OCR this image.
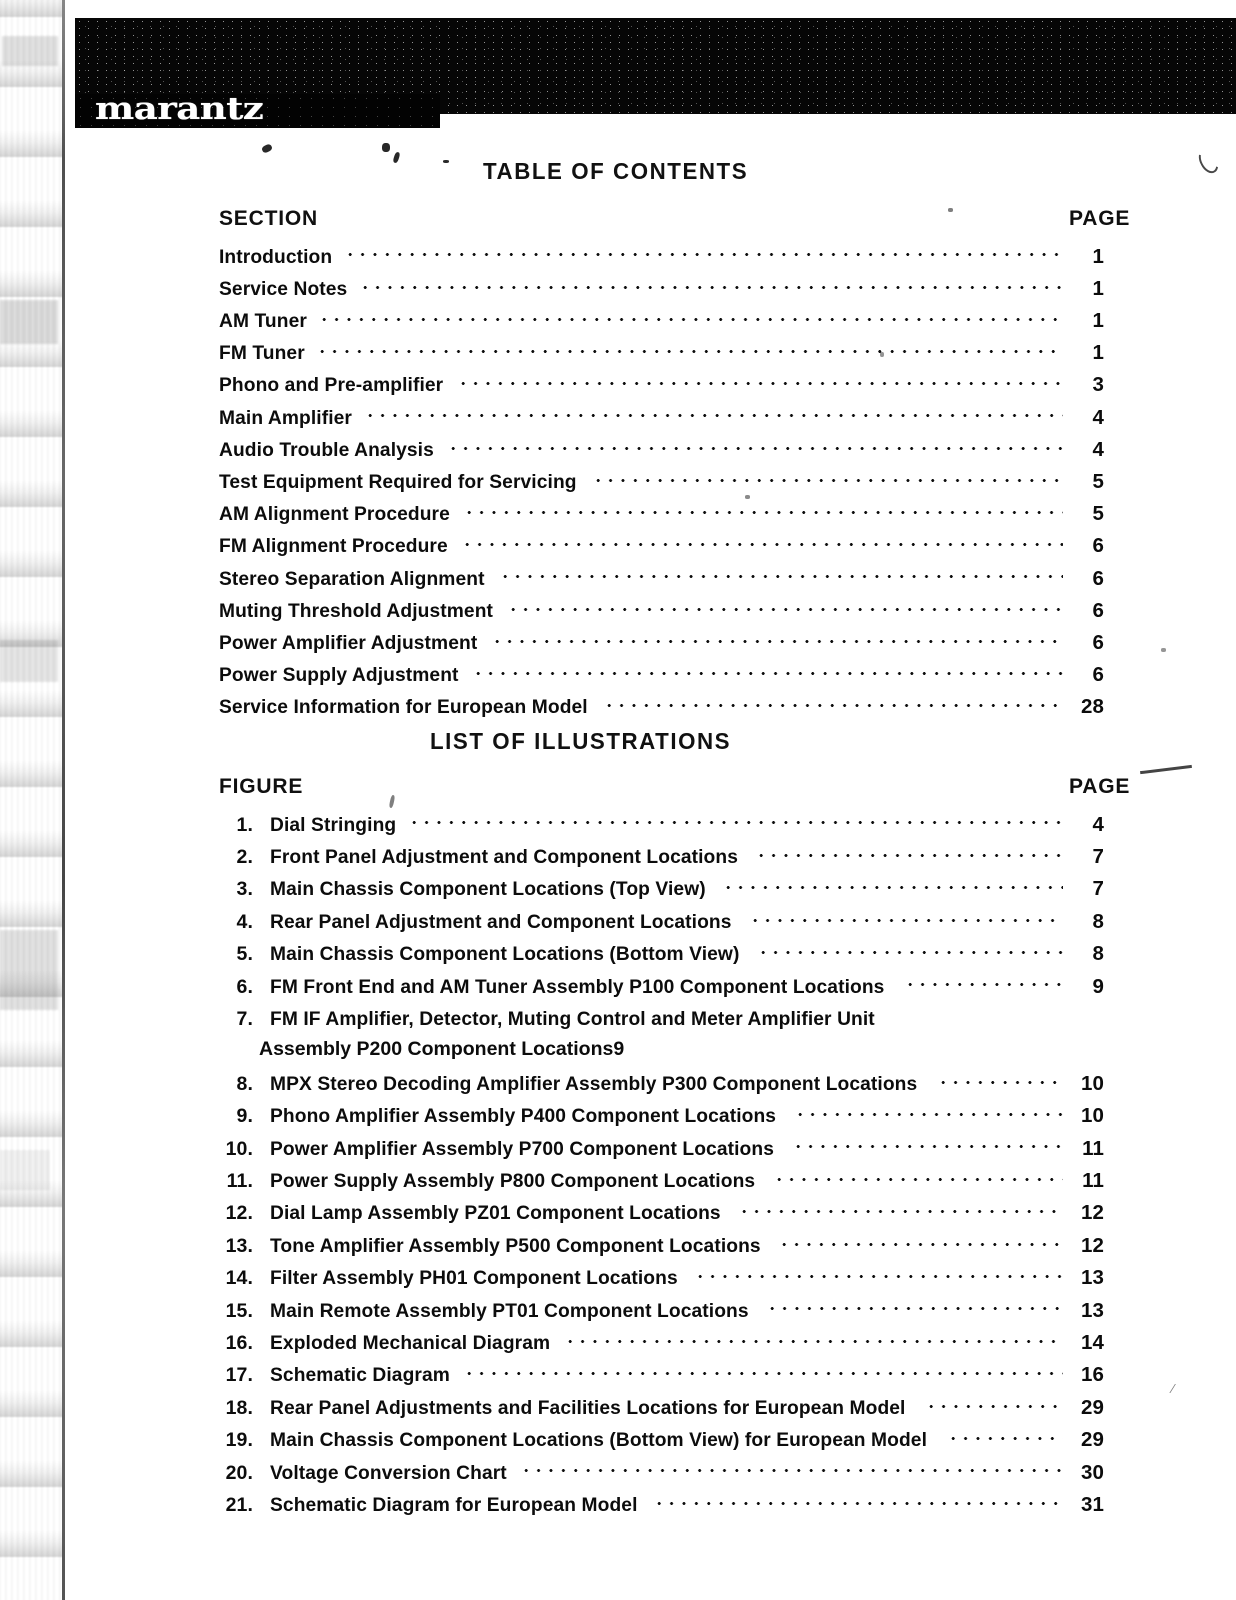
marantz
∕
TABLE OF CONTENTS
SECTION	PAGE
Introduction	1
Service Notes	1
AM Tuner	1
FM Tuner	1
Phono and Pre-amplifier	3
Main Amplifier	4
Audio Trouble Analysis	4
Test Equipment Required for Servicing	5
AM Alignment Procedure	5
FM Alignment Procedure	6
Stereo Separation Alignment	6
Muting Threshold Adjustment	6
Power Amplifier Adjustment	6
Power Supply Adjustment	6
Service Information for European Model	28
LIST OF ILLUSTRATIONS
FIGURE	PAGE
1. Dial Stringing	4
2. Front Panel Adjustment and Component Locations	7
3. Main Chassis Component Locations (Top View)	7
4. Rear Panel Adjustment and Component Locations	8
5. Main Chassis Component Locations (Bottom View)	8
6. FM Front End and AM Tuner Assembly P100 Component Locations	9
7. FM IF Amplifier, Detector, Muting Control and Meter Amplifier Unit
Assembly P200 Component Locations 9
8. MPX Stereo Decoding Amplifier Assembly P300 Component Locations	10
9. Phono Amplifier Assembly P400 Component Locations	10
10. Power Amplifier Assembly P700 Component Locations	11
11. Power Supply Assembly P800 Component Locations	11
12. Dial Lamp Assembly PZ01 Component Locations	12
13. Tone Amplifier Assembly P500 Component Locations	12
14. Filter Assembly PH01 Component Locations	13
15. Main Remote Assembly PT01 Component Locations	13
16. Exploded Mechanical Diagram	14
17. Schematic Diagram	16
18. Rear Panel Adjustments and Facilities Locations for European Model	29
19. Main Chassis Component Locations (Bottom View) for European Model	29
20. Voltage Conversion Chart	30
21. Schematic Diagram for European Model	31
